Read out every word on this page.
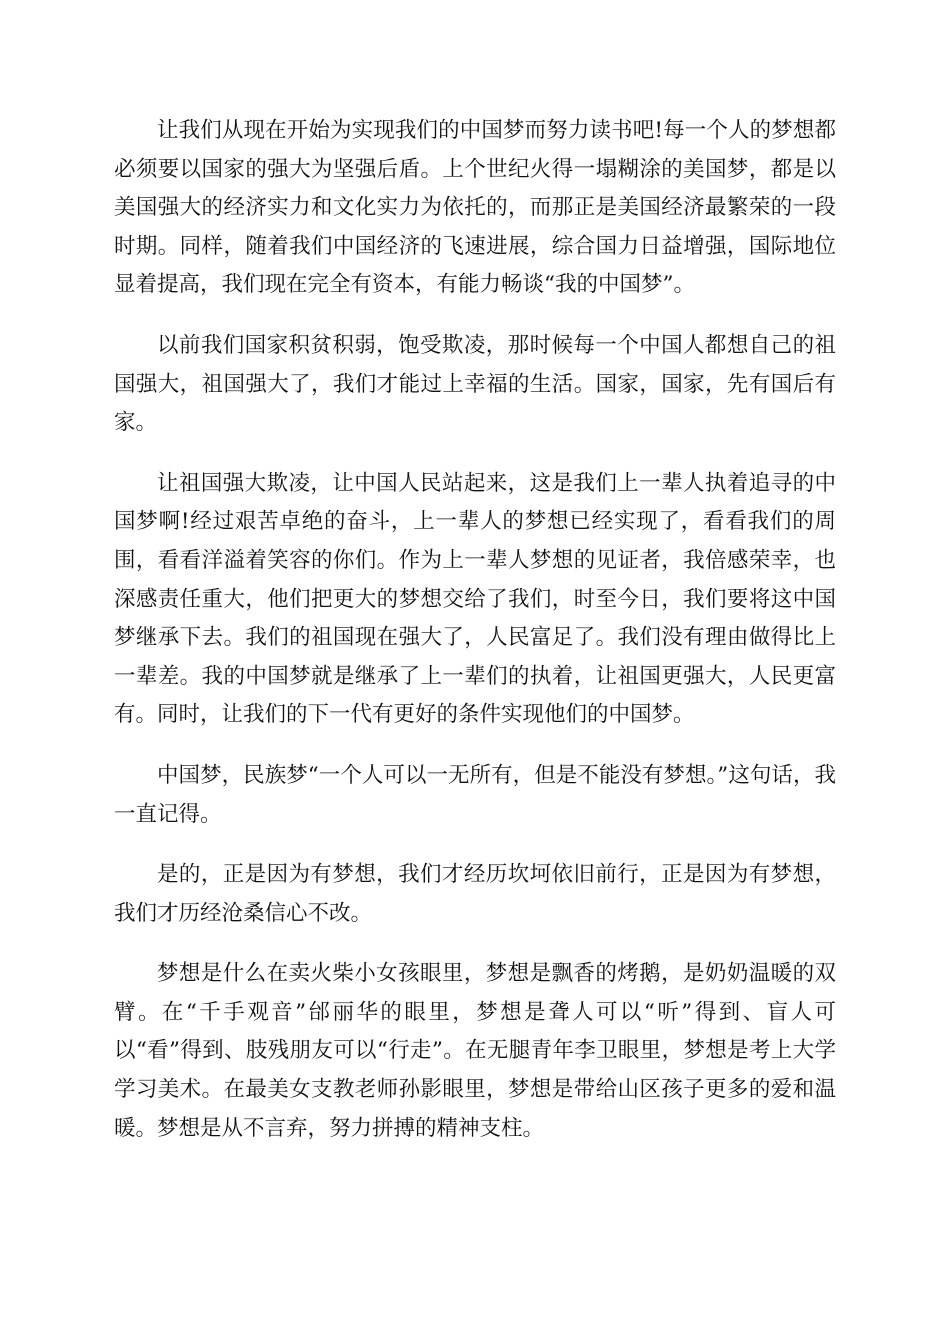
让我们从现在开始为实现我们的中国梦而努力读书吧!每一个人的梦想都必须要以国家的强大为坚强后盾。上个世纪火得一塌糊涂的美国梦，都是以美国强大的经济实力和文化实力为依托的，而那正是美国经济最繁荣的一段时期。同样，随着我们中国经济的飞速进展，综合国力日益增强，国际地位显着提高，我们现在完全有资本，有能力畅谈“我的中国梦”。

以前我们国家积贫积弱，饱受欺凌，那时候每一个中国人都想自己的祖国强大，祖国强大了，我们才能过上幸福的生活。国家，国家，先有国后有家。

让祖国强大欺凌，让中国人民站起来，这是我们上一辈人执着追寻的中国梦啊!经过艰苦卓绝的奋斗，上一辈人的梦想已经实现了，看看我们的周围，看看洋溢着笑容的你们。作为上一辈人梦想的见证者，我倍感荣幸，也深感责任重大，他们把更大的梦想交给了我们，时至今日，我们要将这中国梦继承下去。我们的祖国现在强大了，人民富足了。我们没有理由做得比上一辈差。我的中国梦就是继承了上一辈们的执着，让祖国更强大，人民更富有。同时，让我们的下一代有更好的条件实现他们的中国梦。

中国梦，民族梦“一个人可以一无所有，但是不能没有梦想。”这句话，我一直记得。

是的，正是因为有梦想，我们才经历坎坷依旧前行，正是因为有梦想，我们才历经沧桑信心不改。

梦想是什么在卖火柴小女孩眼里，梦想是飘香的烤鹅，是奶奶温暖的双臂。在“千手观音”邰丽华的眼里，梦想是聋人可以“听”得到、盲人可以“看”得到、肢残朋友可以“行走”。在无腿青年李卫眼里，梦想是考上大学学习美术。在最美女支教老师孙影眼里，梦想是带给山区孩子更多的爱和温暖。梦想是从不言弃，努力拼搏的精神支柱。
